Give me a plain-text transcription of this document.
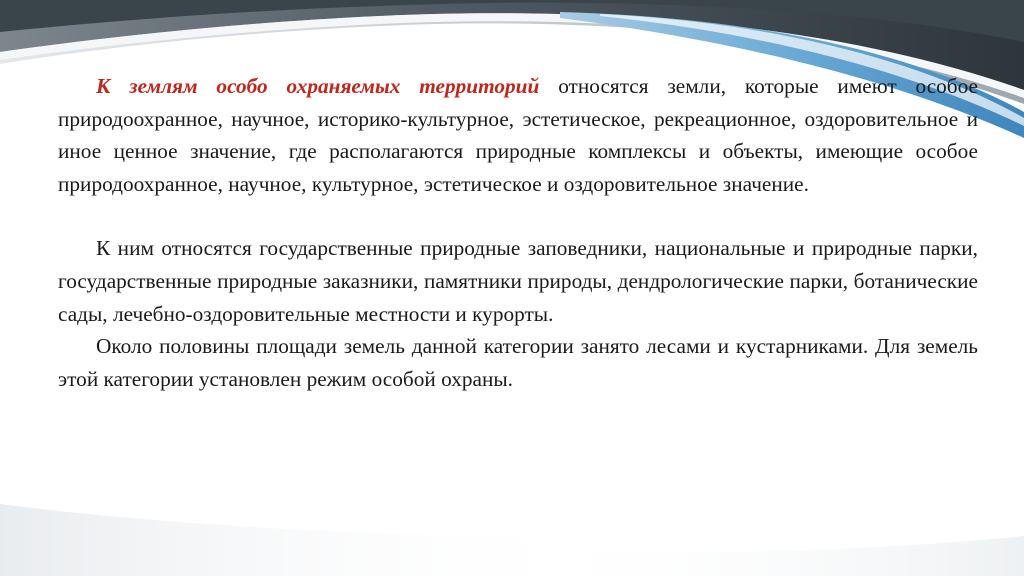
К землям особо охраняемых территорий относятся земли, которые имеют особое природоохранное, научное, историко-культурное, эстетическое, рекреационное, оздоровительное и иное ценное значение, где располагаются природные комплексы и объекты, имеющие особое природоохранное, научное, культурное, эстетическое и оздоровительное значение.

К ним относятся государственные природные заповедники, национальные и природные парки, государственные природные заказники, памятники природы, дендрологические парки, ботанические сады, лечебно-оздоровительные местности и курорты.

Около половины площади земель данной категории занято лесами и кустарниками. Для земель этой категории установлен режим особой охраны.
